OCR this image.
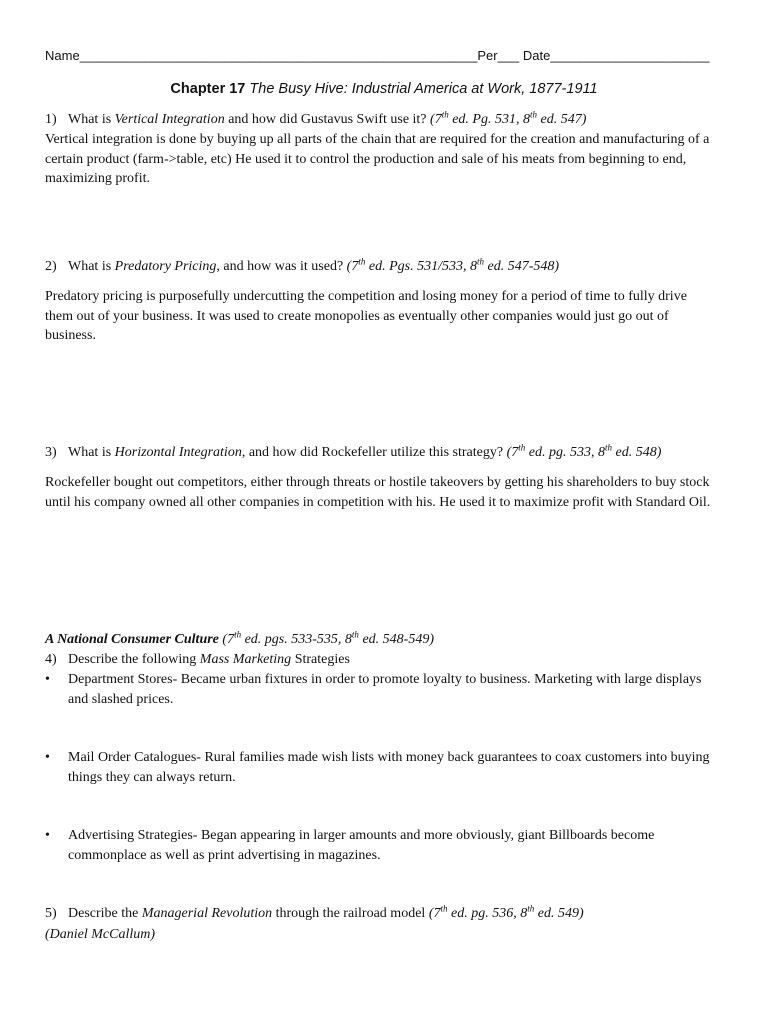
Name_______________________________________________________Per___ Date______________________
Chapter 17 The Busy Hive: Industrial America at Work, 1877-1911
1) What is Vertical Integration and how did Gustavus Swift use it? (7th ed. Pg. 531, 8th ed. 547)
Vertical integration is done by buying up all parts of the chain that are required for the creation and manufacturing of a certain product (farm->table, etc) He used it to control the production and sale of his meats from beginning to end, maximizing profit.
2) What is Predatory Pricing, and how was it used? (7th ed. Pgs. 531/533, 8th ed. 547-548)
Predatory pricing is purposefully undercutting the competition and losing money for a period of time to fully drive them out of your business. It was used to create monopolies as eventually other companies would just go out of business.
3) What is Horizontal Integration, and how did Rockefeller utilize this strategy? (7th ed. pg. 533, 8th ed. 548)
Rockefeller bought out competitors, either through threats or hostile takeovers by getting his shareholders to buy stock until his company owned all other companies in competition with his. He used it to maximize profit with Standard Oil.
A National Consumer Culture (7th ed. pgs. 533-535, 8th ed. 548-549)
4) Describe the following Mass Marketing Strategies
•	Department Stores- Became urban fixtures in order to promote loyalty to business. Marketing with large displays and slashed prices.
•	Mail Order Catalogues- Rural families made wish lists with money back guarantees to coax customers into buying things they can always return.
•	Advertising Strategies- Began appearing in larger amounts and more obviously, giant Billboards become commonplace as well as print advertising in magazines.
5) Describe the Managerial Revolution through the railroad model (7th ed. pg. 536, 8th ed. 549)
(Daniel McCallum)
